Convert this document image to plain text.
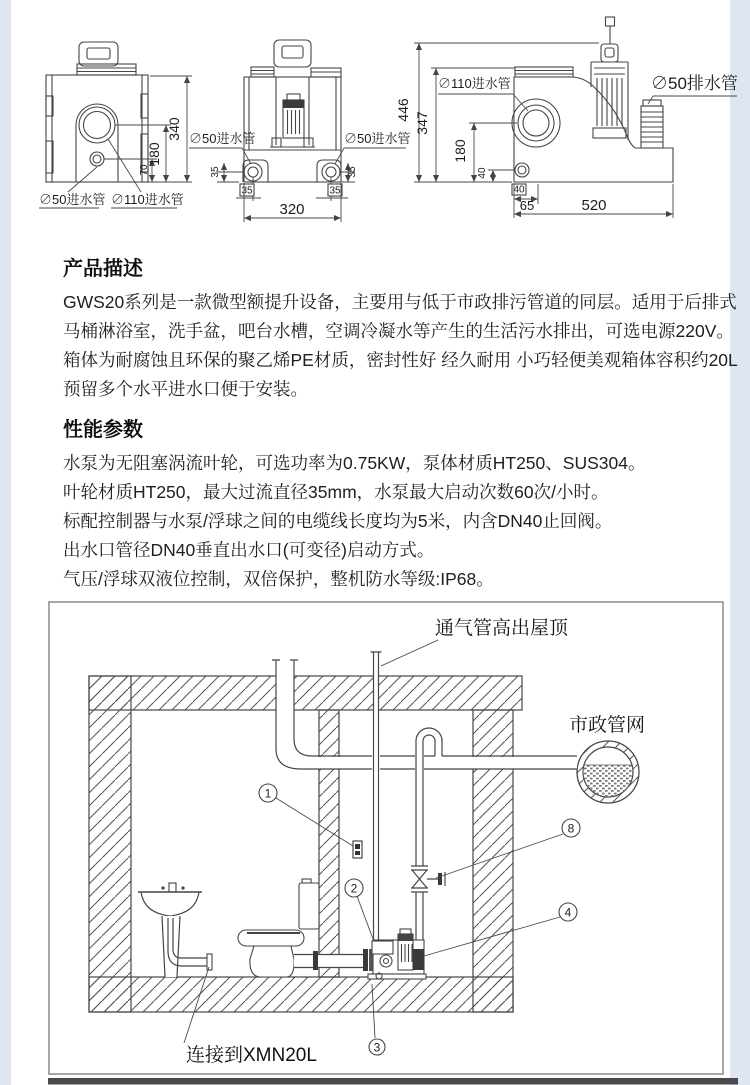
340
180
70
∅50进水管 ∅110进水管
35	35
35	35
320
∅50进水管	∅50进水管
446
347
180
40
40
65	520
∅110进水管	∅50排水管

产品描述

GWS20系列是一款微型额提升设备，主要用与低于市政排污管道的同层。适用于后排式
马桶淋浴室，洗手盆，吧台水槽，空调冷凝水等产生的生活污水排出，可选电源220V。
箱体为耐腐蚀且环保的聚乙烯PE材质，密封性好 经久耐用 小巧轻便美观箱体容积约20L
预留多个水平进水口便于安装。

性能参数

水泵为无阻塞涡流叶轮，可选功率为0.75KW，泵体材质HT250、SUS304。
叶轮材质HT250，最大过流直径35mm，水泵最大启动次数60次/小时。
标配控制器与水泵/浮球之间的电缆线长度均为5米，内含DN40止回阀。
出水口管径DN40垂直出水口(可变径)启动方式。
气压/浮球双液位控制，双倍保护，整机防水等级:IP68。
1
2
3
4
8
通气管高出屋顶
市政管网
连接到XMN20L
